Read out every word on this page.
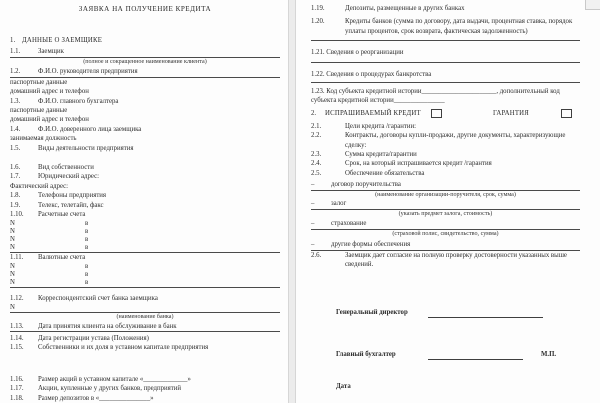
ЗАЯВКА НА ПОЛУЧЕНИЕ КРЕДИТА
1. ДАННЫЕ О ЗАЕМЩИКЕ
1.1.	Заемщик
(полное и сокращенное наименование клиента)
1.2.	Ф.И.О. руководителя предприятия
паспортные данные
домашний адрес и телефон
1.3.	Ф.И.О. главного бухгалтера
паспортные данные
домашний адрес и телефон
1.4.	Ф.И.О. доверенного лица заемщика
занимаемая должность
1.5.	Виды деятельности предприятия
1.6.	Вид собственности
1.7.	Юридический адрес:
Фактический адрес:
1.8.	Телефоны предприятия
1.9.	Телекс, телетайп, факс
1.10.	Расчетные счета
N	в
N	в
N	в
N	в
1.11.	Валютные счета
N	в
N	в
N	в
1.12.	Корреспондентский счет банка заемщика
N
(наименование банка)
1.13.	Дата принятия клиента на обслуживание в банк
1.14.	Дата регистрации устава (Положения)
1.15.	Собственники и их доля в уставном капитале предприятия
1.16.	Размер акций в уставном капитале «_____________»
1.17.	Акции, купленные у других банков, предприятий
1.18.	Размер депозитов в «_______________»
1.19.	Депозиты, размещенные в других банках
1.20.	Кредиты банков (сумма по договору, дата выдачи, процентная ставка, порядок уплаты процентов, срок возврата, фактическая задолженность)
1.21. Сведения о реорганизации
1.22. Сведения о процедурах банкротства
1.23. Код субъекта кредитной истории______________________, дополнительный код субъекта кредитной истории_______________
2.	ИСПРАШИВАЕМЫЙ КРЕДИТ	ГАРАНТИЯ
2.1.	Цели кредита /гарантии:
2.2.	Контракты, договоры купли-продажи, другие документы, характеризующие сделку:
2.3.	Сумма кредита/гарантии
2.4.	Срок, на который испрашивается кредит /гарантия
2.5.	Обеспечение обязательства
–	договор поручительства
(наименование организации-поручителя, срок, сумма)
–	залог
(указать предмет залога, стоимость)
–	страхование
(страховой полис, свидетельство, сумма)
–	другие формы обеспечения
2.6.	Заемщик дает согласие на полную проверку достоверности указанных выше сведений.
Генеральный директор
Главный бухгалтер	М.П.
Дата
